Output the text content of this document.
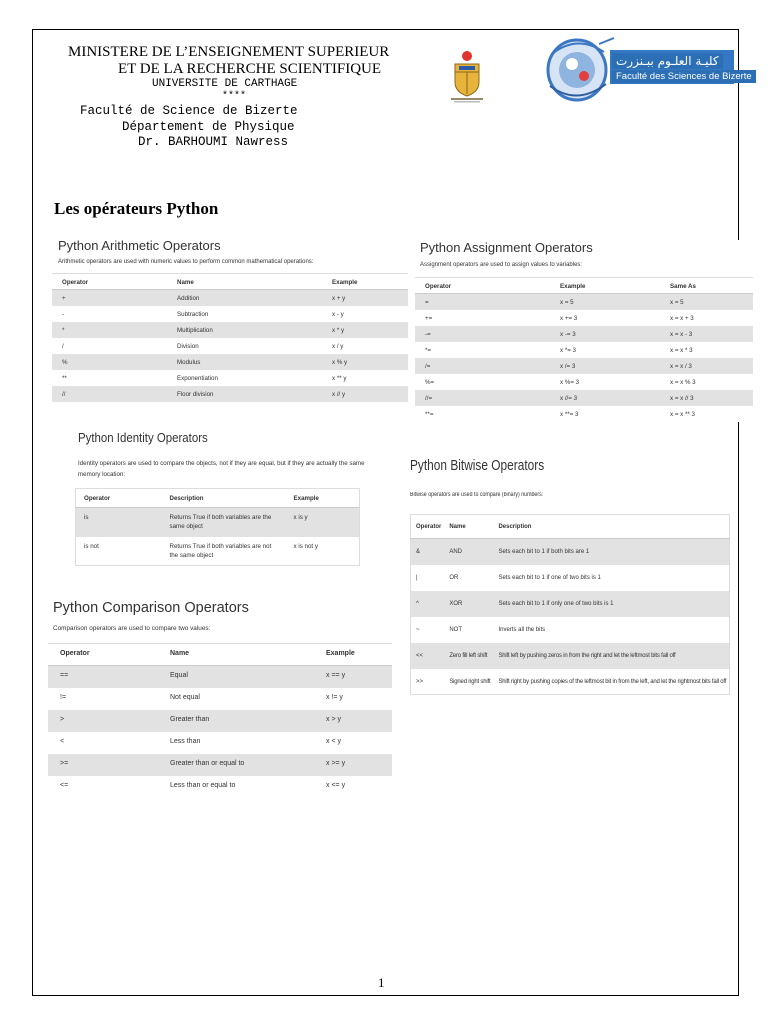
MINISTERE DE L’ENSEIGNEMENT SUPERIEUR
ET DE LA RECHERCHE SCIENTIFIQUE
UNIVERSITE DE CARTHAGE
****
Faculté de Science de Bizerte
Département de Physique
Dr. BARHOUMI Nawress
كليـة العلـوم ببـنزرت
Faculté des Sciences de Bizerte
Les opérateurs Python
Python Arithmetic Operators

Arithmetic operators are used with numeric values to perform common mathematical operations:

Operator	Name	Example
+	Addition	x + y
-	Subtraction	x - y
*	Multiplication	x * y
/	Division	x / y
%	Modulus	x % y
**	Exponentiation	x ** y
//	Floor division	x // y
Python Assignment Operators

Assignment operators are used to assign values to variables:

Operator	Example	Same As
=	x = 5	x = 5
+=	x += 3	x = x + 3
-=	x -= 3	x = x - 3
*=	x *= 3	x = x * 3
/=	x /= 3	x = x / 3
%=	x %= 3	x = x % 3
//=	x //= 3	x = x // 3
**=	x **= 3	x = x ** 3
Python Identity Operators

Identity operators are used to compare the objects, not if they are equal, but if they are actually the same memory location:

Operator	Description	Example
is	Returns True if both variables are the same object	x is y
is not	Returns True if both variables are not the same object	x is not y
Python Comparison Operators

Comparison operators are used to compare two values:

Operator	Name	Example
==	Equal	x == y
!=	Not equal	x != y
>	Greater than	x > y
<	Less than	x < y
>=	Greater than or equal to	x >= y
<=	Less than or equal to	x <= y
Python Bitwise Operators

Bitwise operators are used to compare (binary) numbers:

Operator	Name	Description
&	AND	Sets each bit to 1 if both bits are 1
|	OR	Sets each bit to 1 if one of two bits is 1
^	XOR	Sets each bit to 1 if only one of two bits is 1
~	NOT	Inverts all the bits
<<	Zero fill left shift	Shift left by pushing zeros in from the right and let the leftmost bits fall off
>>	Signed right shift	Shift right by pushing copies of the leftmost bit in from the left, and let the rightmost bits fall off
1
